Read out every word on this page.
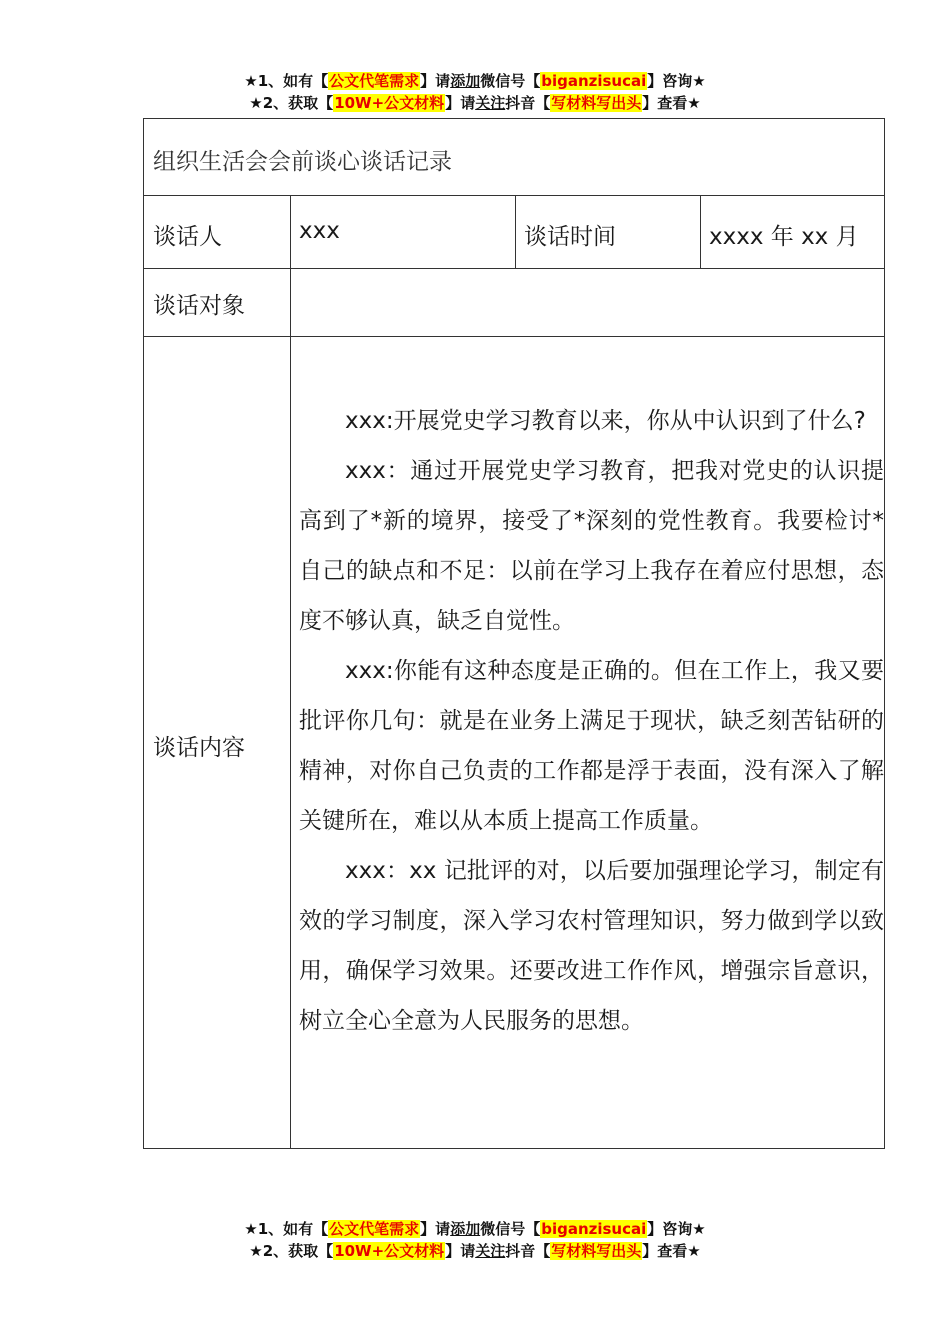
★1、如有【公文代笔需求】请添加微信号【biganzisucai】咨询★
★2、获取【10W+公文材料】请关注抖音【写材料写出头】查看★
组织生活会会前谈心谈话记录
谈话人	xxx	谈话时间	xxxx 年 xx 月
谈话对象
谈话内容

xxx:开展党史学习教育以来，你从中认识到了什么?

xxx：通过开展党史学习教育，把我对党史的认识提高到了*新的境界，接受了*深刻的党性教育。我要检讨*自己的缺点和不足：以前在学习上我存在着应付思想，态度不够认真，缺乏自觉性。

xxx:你能有这种态度是正确的。但在工作上，我又要批评你几句：就是在业务上满足于现状，缺乏刻苦钻研的精神，对你自己负责的工作都是浮于表面，没有深入了解关键所在，难以从本质上提高工作质量。

xxx：xx 记批评的对，以后要加强理论学习，制定有效的学习制度，深入学习农村管理知识，努力做到学以致用，确保学习效果。还要改进工作作风，增强宗旨意识，树立全心全意为人民服务的思想。

★1、如有【公文代笔需求】请添加微信号【biganzisucai】咨询★
★2、获取【10W+公文材料】请关注抖音【写材料写出头】查看★
